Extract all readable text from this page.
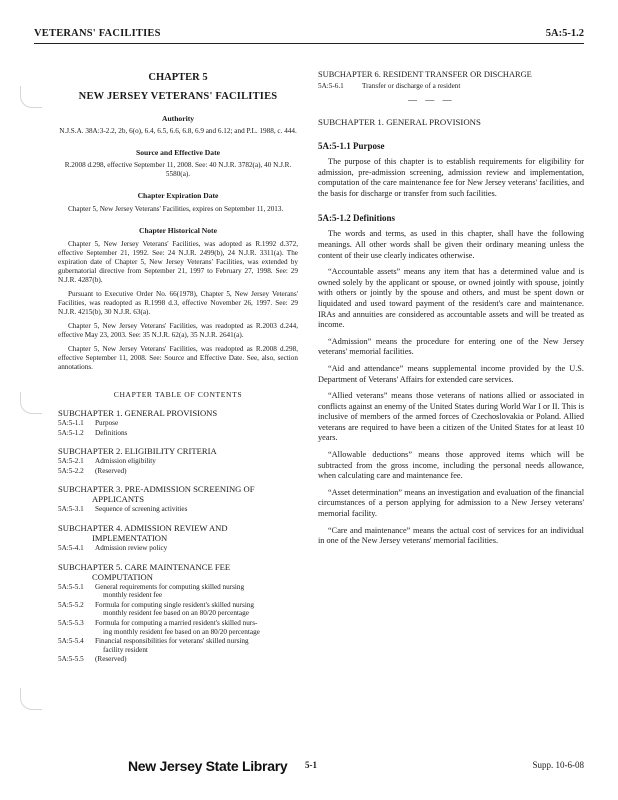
VETERANS' FACILITIES	5A:5-1.2
CHAPTER 5
NEW JERSEY VETERANS' FACILITIES
Authority
N.J.S.A. 38A:3-2.2, 2b, 6(o), 6.4, 6.5, 6.6, 6.8, 6.9 and 6.12; and P.L. 1988, c. 444.
Source and Effective Date
R.2008 d.298, effective September 11, 2008. See: 40 N.J.R. 3782(a), 40 N.J.R. 5580(a).
Chapter Expiration Date
Chapter 5, New Jersey Veterans' Facilities, expires on September 11, 2013.
Chapter Historical Note
Chapter 5, New Jersey Veterans' Facilities, was adopted as R.1992 d.372, effective September 21, 1992. See: 24 N.J.R. 2499(b), 24 N.J.R. 3311(a). The expiration date of Chapter 5, New Jersey Veterans' Facilities, was extended by gubernatorial directive from September 21, 1997 to February 27, 1998. See: 29 N.J.R. 4287(b).
Pursuant to Executive Order No. 66(1978), Chapter 5, New Jersey Veterans' Facilities, was readopted as R.1998 d.3, effective November 26, 1997. See: 29 N.J.R. 4215(b), 30 N.J.R. 63(a).
Chapter 5, New Jersey Veterans' Facilities, was readopted as R.2003 d.244, effective May 23, 2003. See: 35 N.J.R. 62(a), 35 N.J.R. 2641(a).
Chapter 5, New Jersey Veterans' Facilities, was readopted as R.2008 d.298, effective September 11, 2008. See: Source and Effective Date. See, also, section annotations.
CHAPTER TABLE OF CONTENTS
SUBCHAPTER 1. GENERAL PROVISIONS
5A:5-1.1	Purpose
5A:5-1.2	Definitions
SUBCHAPTER 2. ELIGIBILITY CRITERIA
5A:5-2.1	Admission eligibility
5A:5-2.2	(Reserved)
SUBCHAPTER 3. PRE-ADMISSION SCREENING OF
APPLICANTS
5A:5-3.1	Sequence of screening activities
SUBCHAPTER 4. ADMISSION REVIEW AND
IMPLEMENTATION
5A:5-4.1	Admission review policy
SUBCHAPTER 5. CARE MAINTENANCE FEE
COMPUTATION
5A:5-5.1	General requirements for computing skilled nursing
monthly resident fee
5A:5-5.2	Formula for computing single resident's skilled nursing
monthly resident fee based on an 80/20 percentage
5A:5-5.3	Formula for computing a married resident's skilled nurs-
ing monthly resident fee based on an 80/20 percentage
5A:5-5.4	Financial responsibilities for veterans' skilled nursing
facility resident
5A:5-5.5	(Reserved)
SUBCHAPTER 6. RESIDENT TRANSFER OR DISCHARGE
5A:5-6.1	Transfer or discharge of a resident
— — —
SUBCHAPTER 1. GENERAL PROVISIONS
5A:5-1.1 Purpose
The purpose of this chapter is to establish requirements for eligibility for admission, pre-admission screening, admission review and implementation, computation of the care maintenance fee for New Jersey veterans' facilities, and the basis for discharge or transfer from such facilities.
5A:5-1.2 Definitions
The words and terms, as used in this chapter, shall have the following meanings. All other words shall be given their ordinary meaning unless the content of their use clearly indicates otherwise.
“Accountable assets” means any item that has a determined value and is owned solely by the applicant or spouse, or owned jointly with spouse, jointly with others or jointly by the spouse and others, and must be spent down or liquidated and used toward payment of the resident's care and maintenance. IRAs and annuities are considered as accountable assets and will be treated as income.
“Admission” means the procedure for entering one of the New Jersey veterans' memorial facilities.
“Aid and attendance” means supplemental income provided by the U.S. Department of Veterans' Affairs for extended care services.
“Allied veterans” means those veterans of nations allied or associated in conflicts against an enemy of the United States during World War I or II. This is inclusive of members of the armed forces of Czechoslovakia or Poland. Allied veterans are required to have been a citizen of the United States for at least 10 years.
“Allowable deductions” means those approved items which will be subtracted from the gross income, including the personal needs allowance, when calculating care and maintenance fee.
“Asset determination” means an investigation and evaluation of the financial circumstances of a person applying for admission to a New Jersey veterans' memorial facility.
“Care and maintenance” means the actual cost of services for an individual in one of the New Jersey veterans' memorial facilities.
New Jersey State Library 5-1	Supp. 10-6-08
